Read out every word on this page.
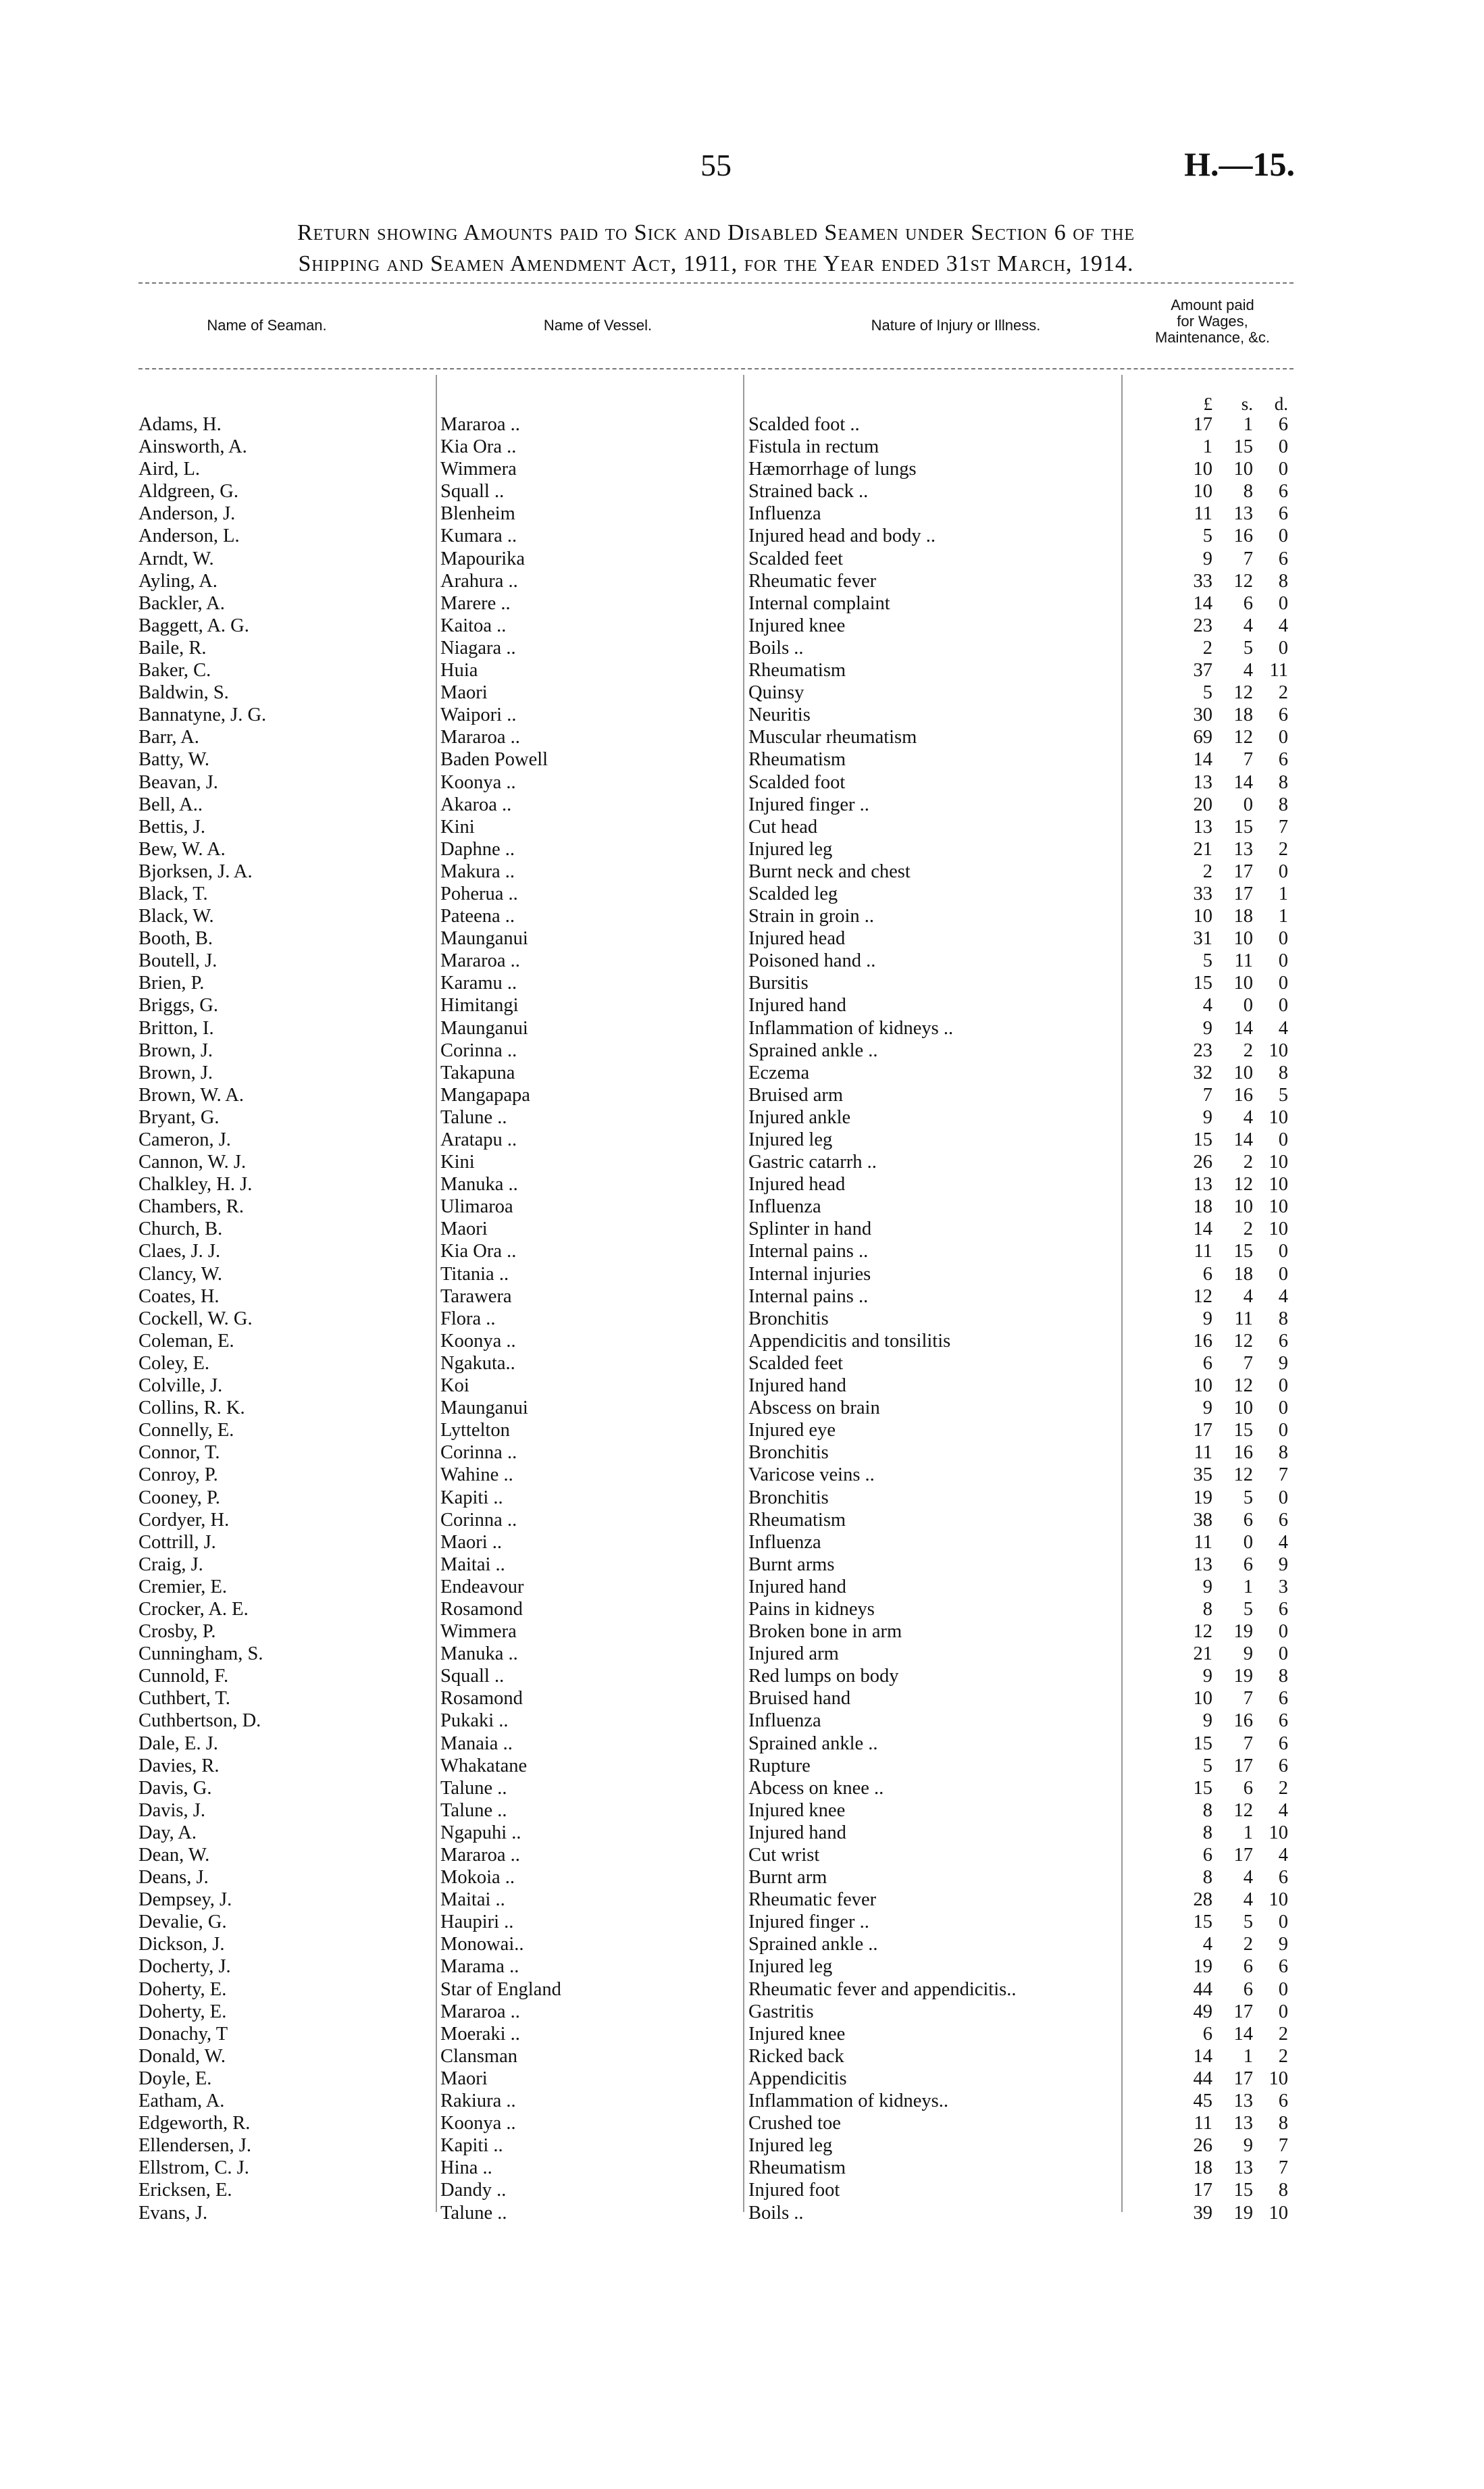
55	H.—15.
Return showing Amounts paid to Sick and Disabled Seamen under Section 6 of the
Shipping and Seamen Amendment Act, 1911, for the Year ended 31st March, 1914.
Name of Seaman.	Name of Vessel.	Nature of Injury or Illness.
Amount paid
for Wages,
Maintenance, &c.
£	s.	d.
Adams, H.	Mararoa ..	Scalded foot ..	17	1	6
Ainsworth, A.	Kia Ora ..	Fistula in rectum	1	15	0
Aird, L.	Wimmera	Hæmorrhage of lungs	10	10	0
Aldgreen, G.	Squall ..	Strained back ..	10	8	6
Anderson, J.	Blenheim	Influenza	11	13	6
Anderson, L.	Kumara ..	Injured head and body ..	5	16	0
Arndt, W.	Mapourika	Scalded feet	9	7	6
Ayling, A.	Arahura ..	Rheumatic fever	33	12	8
Backler, A.	Marere ..	Internal complaint	14	6	0
Baggett, A. G.	Kaitoa ..	Injured knee	23	4	4
Baile, R.	Niagara ..	Boils ..	2	5	0
Baker, C.	Huia	Rheumatism	37	4 11
Baldwin, S.	Maori	Quinsy	5	12	2
Bannatyne, J. G.	Waipori ..	Neuritis	30	18	6
Barr, A.	Mararoa ..	Muscular rheumatism	69	12	0
Batty, W.	Baden Powell	Rheumatism	14	7	6
Beavan, J.	Koonya ..	Scalded foot	13	14	8
Bell, A..	Akaroa ..	Injured finger ..	20	0	8
Bettis, J.	Kini	Cut head	13	15	7
Bew, W. A.	Daphne ..	Injured leg	21	13	2
Bjorksen, J. A.	Makura ..	Burnt neck and chest	2	17	0
Black, T.	Poherua ..	Scalded leg	33	17	1
Black, W.	Pateena ..	Strain in groin ..	10	18	1
Booth, B.	Maunganui	Injured head	31	10	0
Boutell, J.	Mararoa ..	Poisoned hand ..	5	11	0
Brien, P.	Karamu ..	Bursitis	15	10	0
Briggs, G.	Himitangi	Injured hand	4	0	0
Britton, I.	Maunganui	Inflammation of kidneys ..	9	14	4
Brown, J.	Corinna ..	Sprained ankle ..	23	2 10
Brown, J.	Takapuna	Eczema	32	10	8
Brown, W. A.	Mangapapa	Bruised arm	7	16	5
Bryant, G.	Talune ..	Injured ankle	9	4 10
Cameron, J.	Aratapu ..	Injured leg	15	14	0
Cannon, W. J.	Kini	Gastric catarrh ..	26	2 10
Chalkley, H. J.	Manuka ..	Injured head	13	12 10
Chambers, R.	Ulimaroa	Influenza	18	10 10
Church, B.	Maori	Splinter in hand	14	2 10
Claes, J. J.	Kia Ora ..	Internal pains ..	11	15	0
Clancy, W.	Titania ..	Internal injuries	6	18	0
Coates, H.	Tarawera	Internal pains ..	12	4	4
Cockell, W. G.	Flora ..	Bronchitis	9	11	8
Coleman, E.	Koonya ..	Appendicitis and tonsilitis	16	12	6
Coley, E.	Ngakuta..	Scalded feet	6	7	9
Colville, J.	Koi	Injured hand	10	12	0
Collins, R. K.	Maunganui	Abscess on brain	9	10	0
Connelly, E.	Lyttelton	Injured eye	17	15	0
Connor, T.	Corinna ..	Bronchitis	11	16	8
Conroy, P.	Wahine ..	Varicose veins ..	35	12	7
Cooney, P.	Kapiti ..	Bronchitis	19	5	0
Cordyer, H.	Corinna ..	Rheumatism	38	6	6
Cottrill, J.	Maori ..	Influenza	11	0	4
Craig, J.	Maitai ..	Burnt arms	13	6	9
Cremier, E.	Endeavour	Injured hand	9	1	3
Crocker, A. E.	Rosamond	Pains in kidneys	8	5	6
Crosby, P.	Wimmera	Broken bone in arm	12	19	0
Cunningham, S.	Manuka ..	Injured arm	21	9	0
Cunnold, F.	Squall ..	Red lumps on body	9	19	8
Cuthbert, T.	Rosamond	Bruised hand	10	7	6
Cuthbertson, D.	Pukaki ..	Influenza	9	16	6
Dale, E. J.	Manaia ..	Sprained ankle ..	15	7	6
Davies, R.	Whakatane	Rupture	5	17	6
Davis, G.	Talune ..	Abcess on knee ..	15	6	2
Davis, J.	Talune ..	Injured knee	8	12	4
Day, A.	Ngapuhi ..	Injured hand	8	1 10
Dean, W.	Mararoa ..	Cut wrist	6	17	4
Deans, J.	Mokoia ..	Burnt arm	8	4	6
Dempsey, J.	Maitai ..	Rheumatic fever	28	4 10
Devalie, G.	Haupiri ..	Injured finger ..	15	5	0
Dickson, J.	Monowai..	Sprained ankle ..	4	2	9
Docherty, J.	Marama ..	Injured leg	19	6	6
Doherty, E.	Star of England	Rheumatic fever and appendicitis..	44	6	0
Doherty, E.	Mararoa ..	Gastritis	49	17	0
Donachy, T	Moeraki ..	Injured knee	6	14	2
Donald, W.	Clansman	Ricked back	14	1	2
Doyle, E.	Maori	Appendicitis	44	17 10
Eatham, A.	Rakiura ..	Inflammation of kidneys..	45	13	6
Edgeworth, R.	Koonya ..	Crushed toe	11	13	8
Ellendersen, J.	Kapiti ..	Injured leg	26	9	7
Ellstrom, C. J.	Hina ..	Rheumatism	18	13	7
Ericksen, E.	Dandy ..	Injured foot	17	15	8
Evans, J.	Talune ..	Boils ..	39	19 10
